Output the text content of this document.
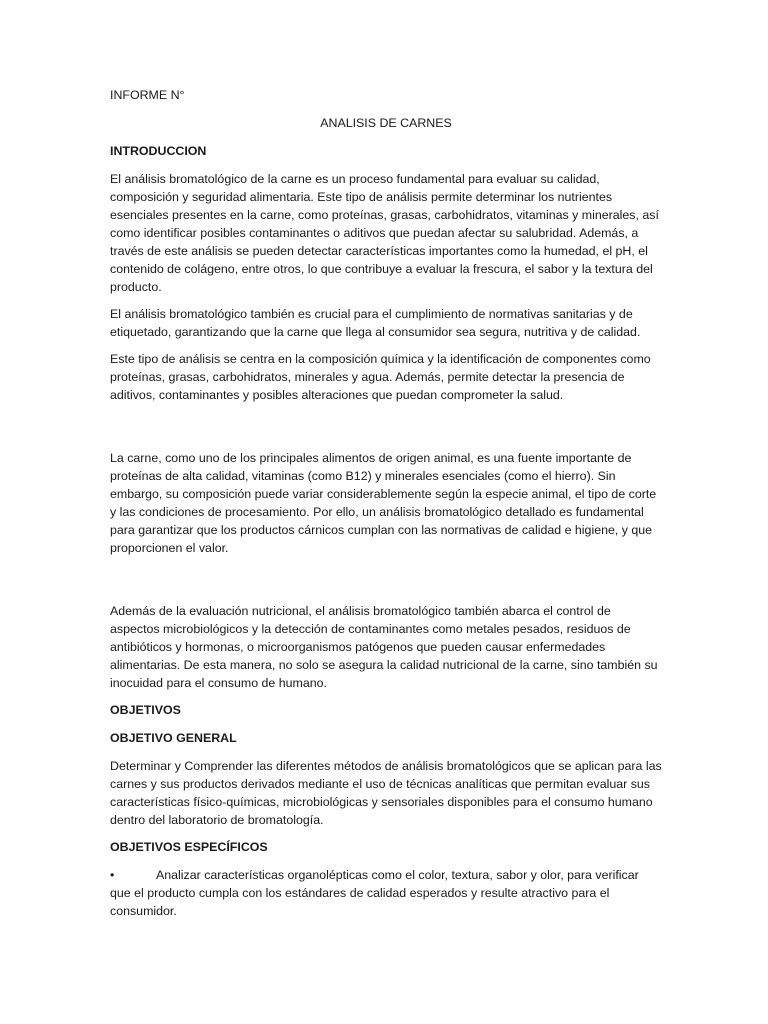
INFORME N°

ANALISIS DE CARNES

INTRODUCCION

El análisis bromatológico de la carne es un proceso fundamental para evaluar su calidad, composición y seguridad alimentaria. Este tipo de análisis permite determinar los nutrientes esenciales presentes en la carne, como proteínas, grasas, carbohidratos, vitaminas y minerales, así como identificar posibles contaminantes o aditivos que puedan afectar su salubridad. Además, a través de este análisis se pueden detectar características importantes como la humedad, el pH, el contenido de colágeno, entre otros, lo que contribuye a evaluar la frescura, el sabor y la textura del producto.

El análisis bromatológico también es crucial para el cumplimiento de normativas sanitarias y de etiquetado, garantizando que la carne que llega al consumidor sea segura, nutritiva y de calidad.

Este tipo de análisis se centra en la composición química y la identificación de componentes como proteínas, grasas, carbohidratos, minerales y agua. Además, permite detectar la presencia de aditivos, contaminantes y posibles alteraciones que puedan comprometer la salud.

La carne, como uno de los principales alimentos de origen animal, es una fuente importante de proteínas de alta calidad, vitaminas (como B12) y minerales esenciales (como el hierro). Sin embargo, su composición puede variar considerablemente según la especie animal, el tipo de corte y las condiciones de procesamiento. Por ello, un análisis bromatológico detallado es fundamental para garantizar que los productos cárnicos cumplan con las normativas de calidad e higiene, y que proporcionen el valor.

Además de la evaluación nutricional, el análisis bromatológico también abarca el control de aspectos microbiológicos y la detección de contaminantes como metales pesados, residuos de antibióticos y hormonas, o microorganismos patógenos que pueden causar enfermedades alimentarias. De esta manera, no solo se asegura la calidad nutricional de la carne, sino también su inocuidad para el consumo de humano.

OBJETIVOS

OBJETIVO GENERAL

Determinar y Comprender las diferentes métodos de análisis bromatológicos que se aplican para las carnes y sus productos derivados mediante el uso de técnicas analíticas que permitan evaluar sus características físico-químicas, microbiológicas y sensoriales disponibles para el consumo humano dentro del laboratorio de bromatología.

OBJETIVOS ESPECÍFICOS

•	Analizar características organolépticas como el color, textura, sabor y olor, para verificar que el producto cumpla con los estándares de calidad esperados y resulte atractivo para el consumidor.
